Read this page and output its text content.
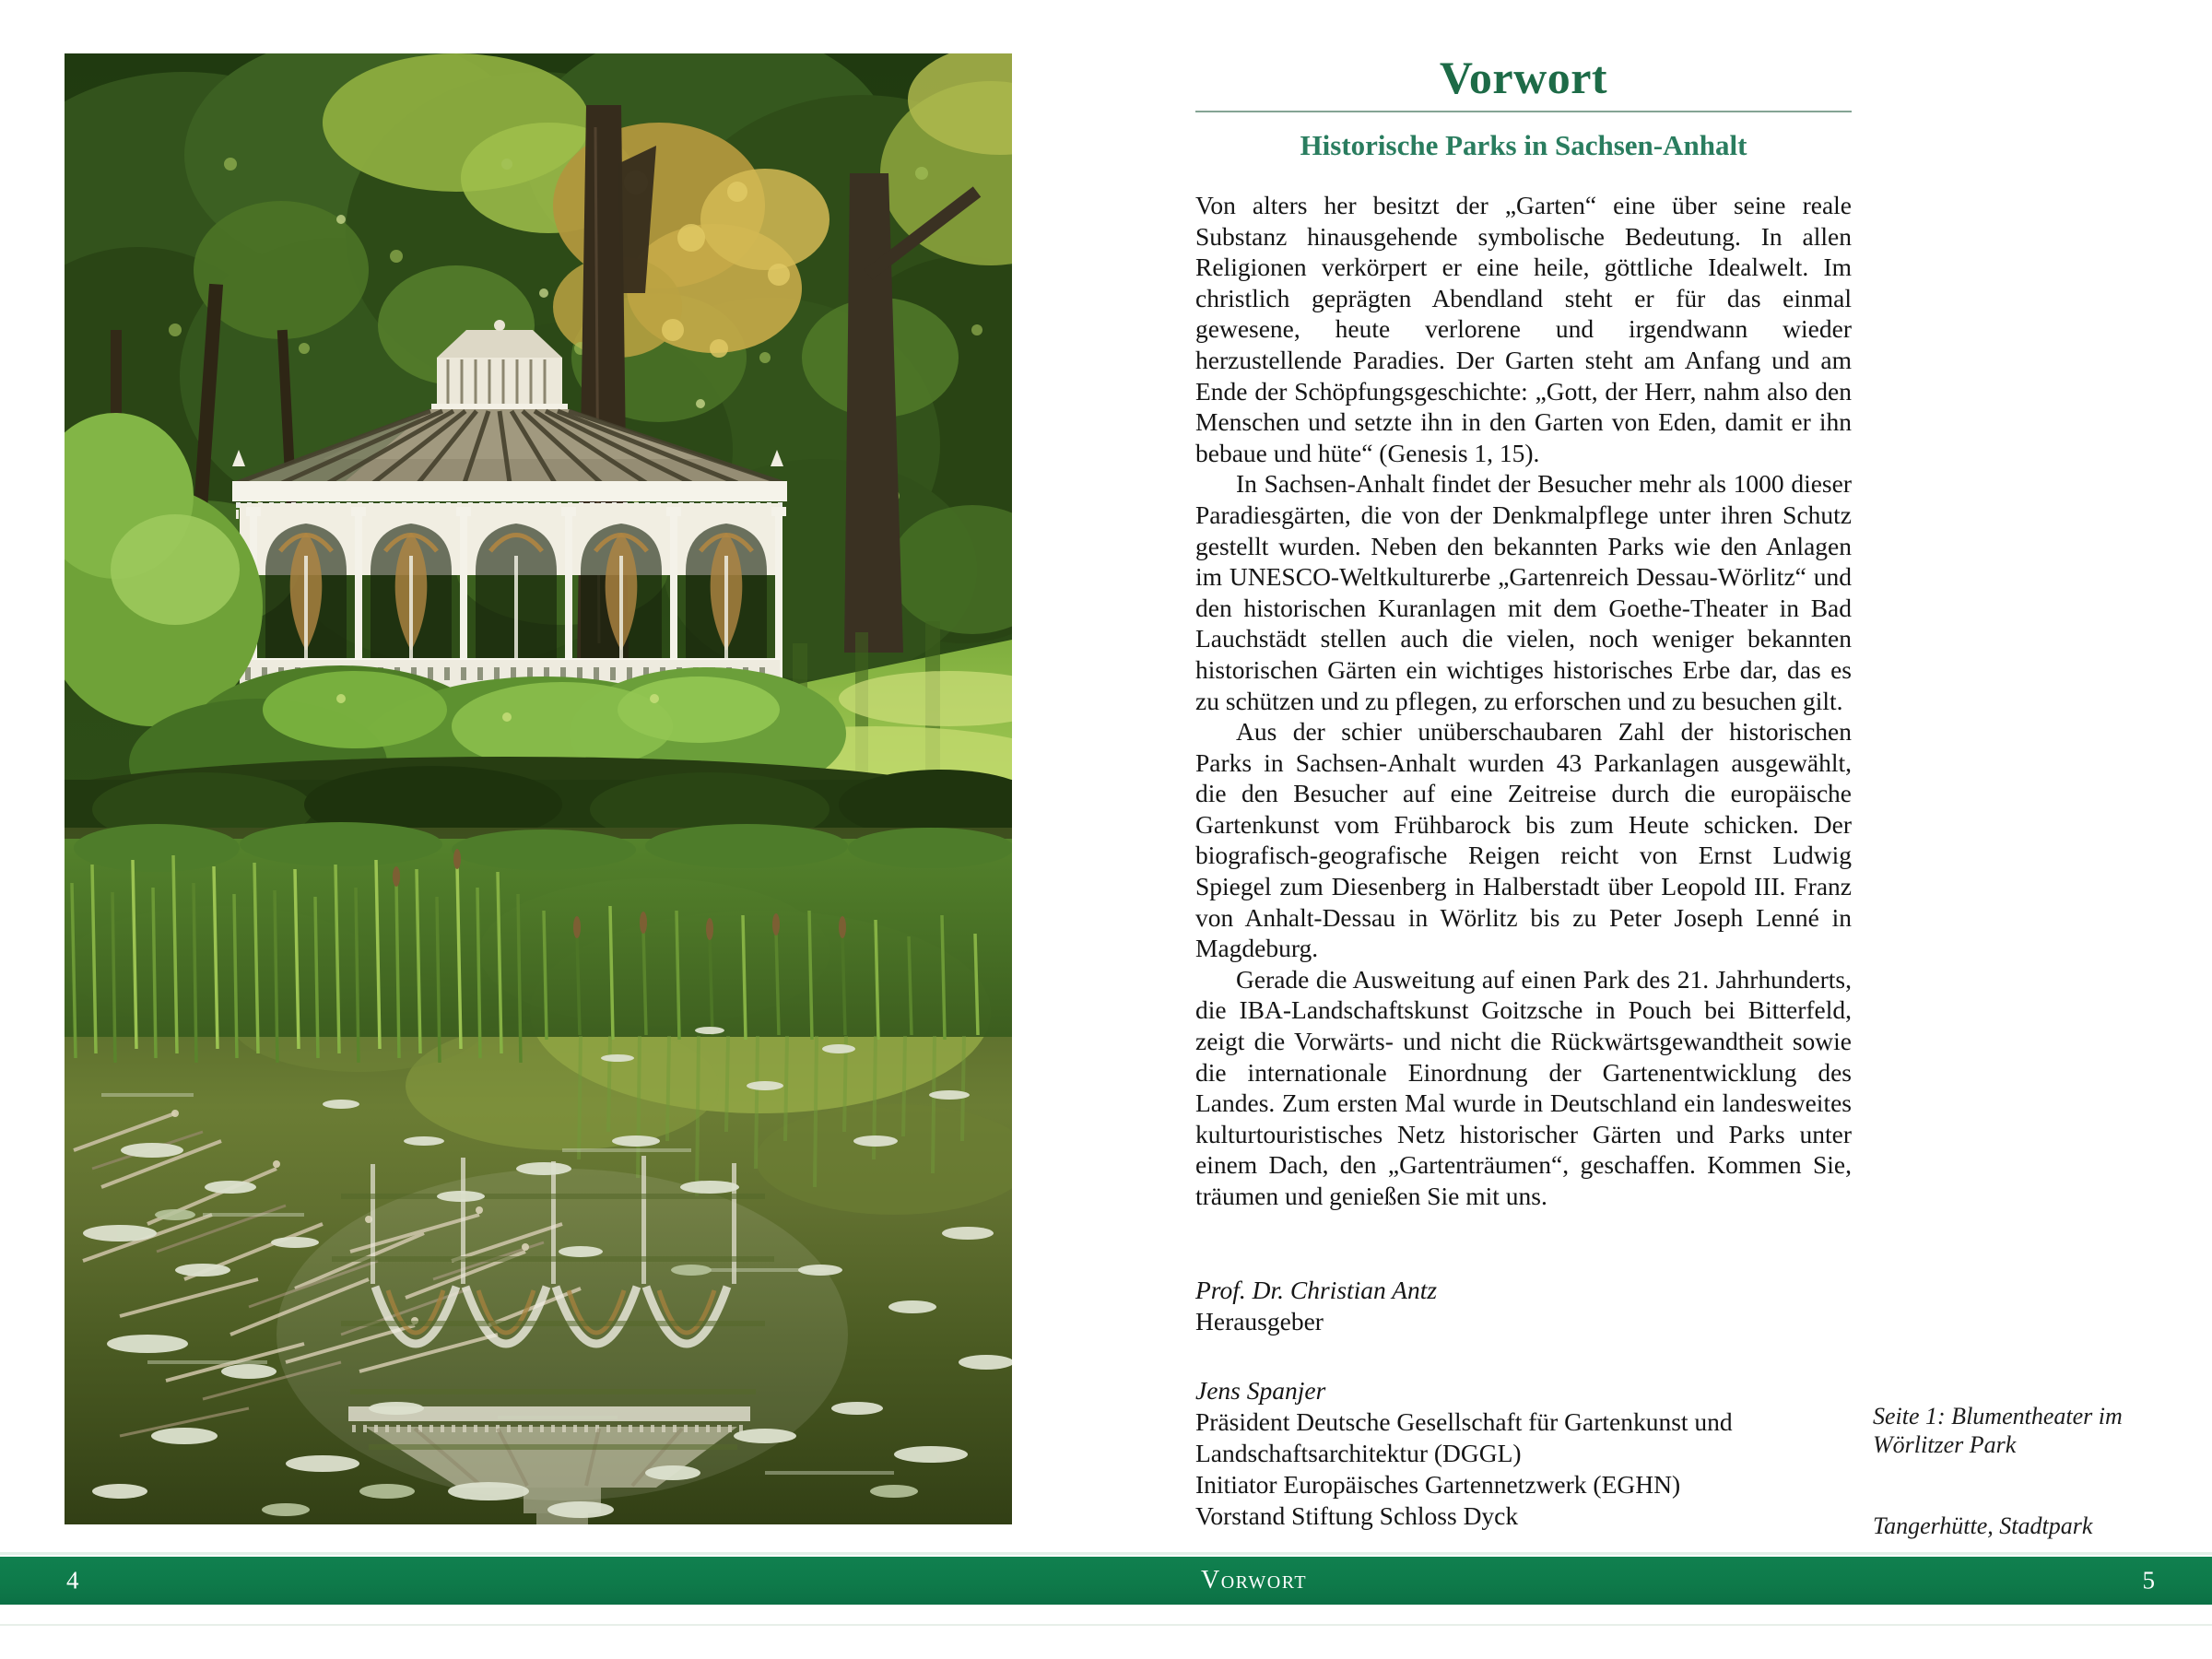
Vorwort
Historische Parks in Sachsen-Anhalt

Von alters her besitzt der „Garten“ eine über seine reale Substanz hinausgehende symbolische Bedeutung. In allen Religionen verkörpert er eine heile, göttliche Idealwelt. Im christlich geprägten Abendland steht er für das einmal gewesene, heute verlorene und irgendwann wieder herzustellende Paradies. Der Garten steht am Anfang und am Ende der Schöpfungsgeschichte: „Gott, der Herr, nahm also den Menschen und setzte ihn in den Garten von Eden, damit er ihn bebaue und hüte“ (Genesis 1, 15).

In Sachsen-Anhalt findet der Besucher mehr als 1000 dieser Paradiesgärten, die von der Denkmalpflege unter ihren Schutz gestellt wurden. Neben den bekannten Parks wie den Anlagen im UNESCO-Weltkulturerbe „Gartenreich Dessau-Wörlitz“ und den historischen Kuranlagen mit dem Goethe-Theater in Bad Lauchstädt stellen auch die vielen, noch weniger bekannten historischen Gärten ein wichtiges historisches Erbe dar, das es zu schützen und zu pflegen, zu erforschen und zu besuchen gilt.

Aus der schier unüberschaubaren Zahl der historischen Parks in Sachsen-Anhalt wurden 43 Parkanlagen ausgewählt, die den Besucher auf eine Zeitreise durch die europäische Gartenkunst vom Frühbarock bis zum Heute schicken. Der biografisch-geografische Reigen reicht von Ernst Ludwig Spiegel zum Diesenberg in Halberstadt über Leopold III. Franz von Anhalt-Dessau in Wörlitz bis zu Peter Joseph Lenné in Magdeburg.

Gerade die Ausweitung auf einen Park des 21. Jahrhunderts, die IBA-Landschaftskunst Goitzsche in Pouch bei Bitterfeld, zeigt die Vorwärts- und nicht die Rückwärtsgewandtheit sowie die internationale Einordnung der Gartenentwicklung des Landes. Zum ersten Mal wurde in Deutschland ein landesweites kulturtouristisches Netz historischer Gärten und Parks unter einem Dach, den „Gartenträumen“, geschaffen. Kommen Sie, träumen und genießen Sie mit uns.

Prof. Dr. Christian Antz
Herausgeber
Jens Spanjer
Präsident Deutsche Gesellschaft für Gartenkunst und Landschaftsarchitektur (DGGL)
Initiator Europäisches Gartennetzwerk (EGHN)
Vorstand Stiftung Schloss Dyck
Seite 1: Blumentheater im Wörlitzer Park
Tangerhütte, Stadtpark
4	Vorwort	5
